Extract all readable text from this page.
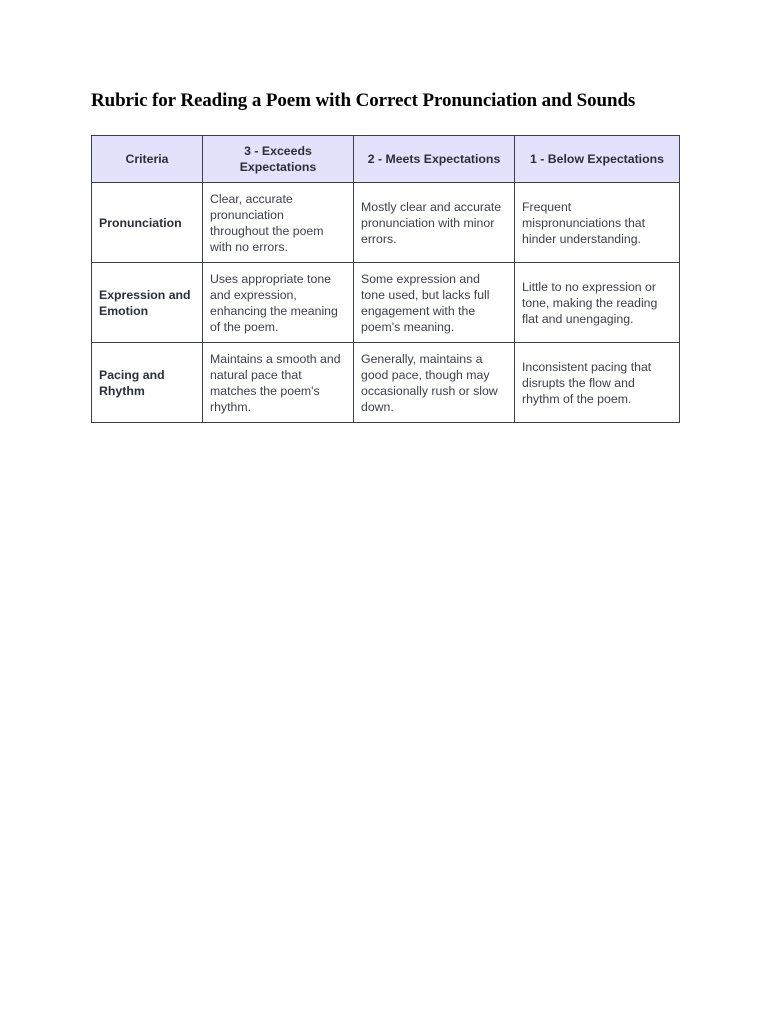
Rubric for Reading a Poem with Correct Pronunciation and Sounds
Criteria	3 - Exceeds Expectations	2 - Meets Expectations	1 - Below Expectations
Pronunciation	Clear, accurate pronunciation throughout the poem with no errors.	Mostly clear and accurate pronunciation with minor errors.	Frequent mispronunciations that hinder understanding.
Expression and Emotion	Uses appropriate tone and expression, enhancing the meaning of the poem.	Some expression and tone used, but lacks full engagement with the poem's meaning.	Little to no expression or tone, making the reading flat and unengaging.
Pacing and Rhythm	Maintains a smooth and natural pace that matches the poem's rhythm.	Generally, maintains a good pace, though may occasionally rush or slow down.	Inconsistent pacing that disrupts the flow and rhythm of the poem.
